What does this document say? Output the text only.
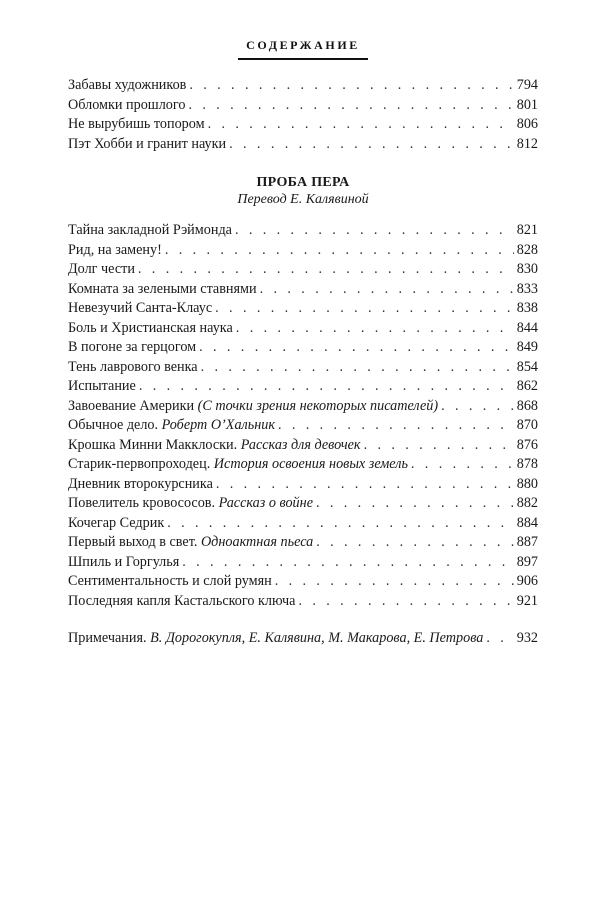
СОДЕРЖАНИЕ
Забавы художников . . .	794
Обломки прошлого . . .	801
Не вырубишь топором . . .	806
Пэт Хобби и гранит науки . . .	812
ПРОБА ПЕРА
Перевод Е. Калявиной
Тайна закладной Рэймонда . . .	821
Рид, на замену! . . .	828
Долг чести . . .	830
Комната за зелеными ставнями . . .	833
Невезучий Санта-Клаус . . .	838
Боль и Христианская наука . . .	844
В погоне за герцогом . . .	849
Тень лаврового венка . . .	854
Испытание . . .	862
Завоевание Америки (С точки зрения некоторых писателей) . . .	868
Обычное дело. Роберт О’Хальник . . .	870
Крошка Минни Макклоски. Рассказ для девочек . . .	876
Старик-первопроходец. История освоения новых земель . . .	878
Дневник второкурсника . . .	880
Повелитель кровососов. Рассказ о войне . . .	882
Кочегар Седрик . . .	884
Первый выход в свет. Одноактная пьеса . . .	887
Шпиль и Горгулья . . .	897
Сентиментальность и слой румян . . .	906
Последняя капля Кастальского ключа . . .	921
Примечания. В. Дорогокупля, Е. Калявина, М. Макарова, Е. Петрова . . . 932
